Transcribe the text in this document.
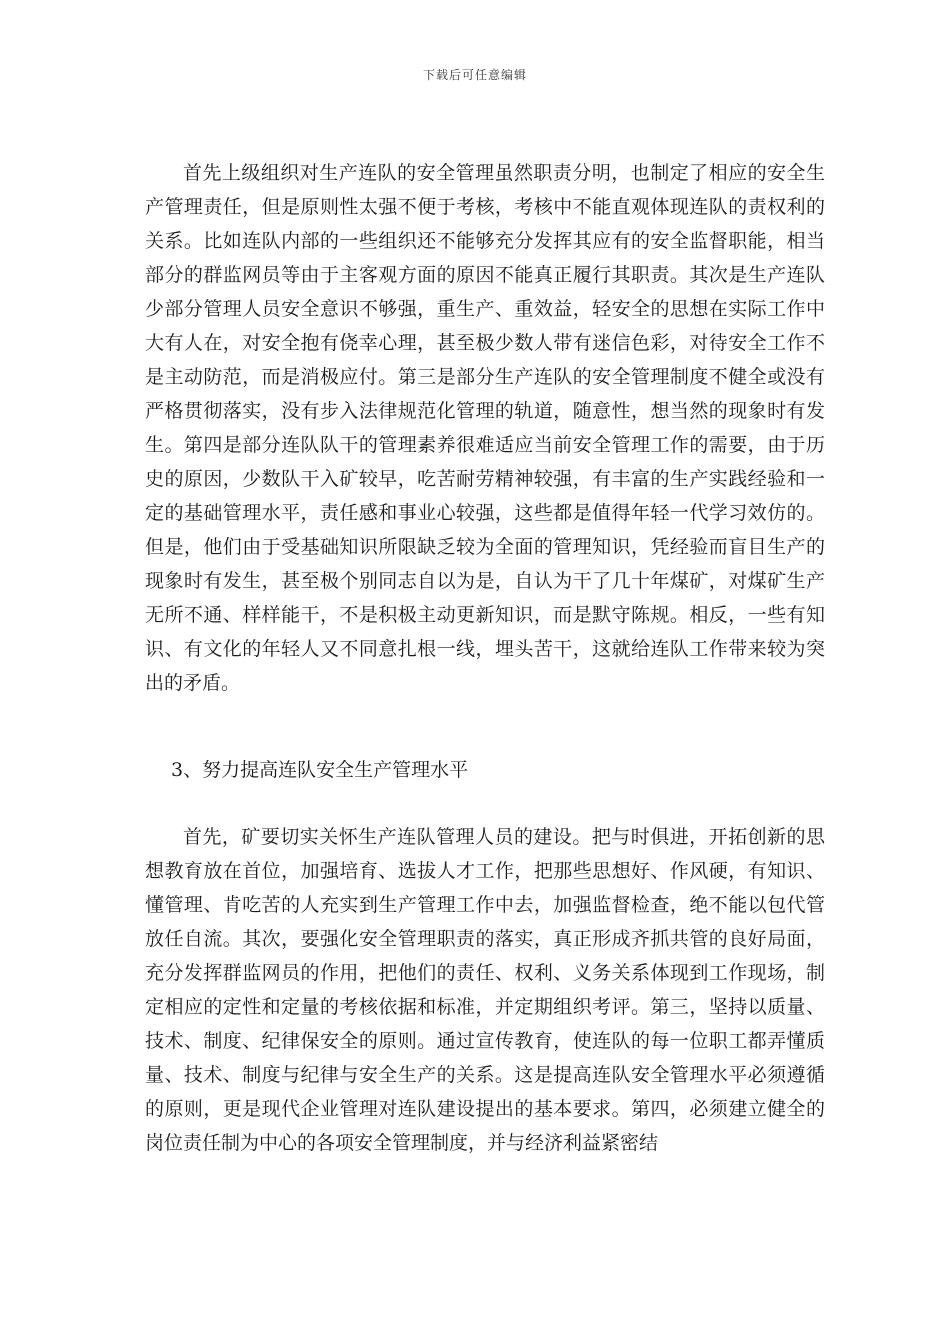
下载后可任意编辑

首先上级组织对生产连队的安全管理虽然职责分明，也制定了相应的安全生产管理责任，但是原则性太强不便于考核，考核中不能直观体现连队的责权利的关系。比如连队内部的一些组织还不能够充分发挥其应有的安全监督职能，相当部分的群监网员等由于主客观方面的原因不能真正履行其职责。其次是生产连队少部分管理人员安全意识不够强，重生产、重效益，轻安全的思想在实际工作中大有人在，对安全抱有侥幸心理，甚至极少数人带有迷信色彩，对待安全工作不是主动防范，而是消极应付。第三是部分生产连队的安全管理制度不健全或没有严格贯彻落实，没有步入法律规范化管理的轨道，随意性，想当然的现象时有发生。第四是部分连队队干的管理素养很难适应当前安全管理工作的需要，由于历史的原因，少数队干入矿较早，吃苦耐劳精神较强，有丰富的生产实践经验和一定的基础管理水平，责任感和事业心较强，这些都是值得年轻一代学习效仿的。但是，他们由于受基础知识所限缺乏较为全面的管理知识，凭经验而盲目生产的现象时有发生，甚至极个别同志自以为是，自认为干了几十年煤矿，对煤矿生产无所不通、样样能干，不是积极主动更新知识，而是默守陈规。相反，一些有知识、有文化的年轻人又不同意扎根一线，埋头苦干，这就给连队工作带来较为突出的矛盾。

3、努力提高连队安全生产管理水平

首先，矿要切实关怀生产连队管理人员的建设。把与时俱进，开拓创新的思想教育放在首位，加强培育、选拔人才工作，把那些思想好、作风硬，有知识、懂管理、肯吃苦的人充实到生产管理工作中去，加强监督检查，绝不能以包代管放任自流。其次，要强化安全管理职责的落实，真正形成齐抓共管的良好局面，充分发挥群监网员的作用，把他们的责任、权利、义务关系体现到工作现场，制定相应的定性和定量的考核依据和标准，并定期组织考评。第三，坚持以质量、技术、制度、纪律保安全的原则。通过宣传教育，使连队的每一位职工都弄懂质量、技术、制度与纪律与安全生产的关系。这是提高连队安全管理水平必须遵循的原则，更是现代企业管理对连队建设提出的基本要求。第四，必须建立健全的岗位责任制为中心的各项安全管理制度，并与经济利益紧密结
